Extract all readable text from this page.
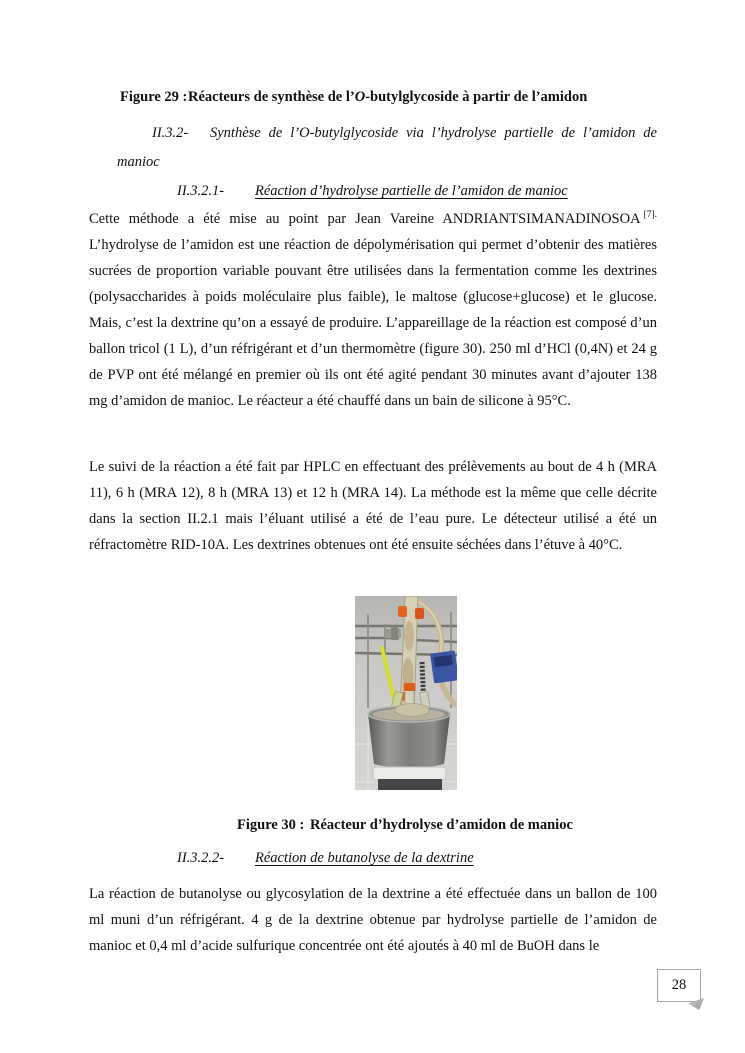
Figure 29 : Réacteurs de synthèse de l’O-butylglycoside à partir de l’amidon
II.3.2-	Synthèse de l’O-butylglycoside via l’hydrolyse partielle de l’amidon de
manioc
II.3.2.1-	Réaction d’hydrolyse partielle de l’amidon de manioc

Cette méthode a été mise au point par Jean Vareine ANDRIANTSIMANADINOSOA $^{[7].}$ L’hydrolyse de l’amidon est une réaction de dépolymérisation qui permet d’obtenir des matières sucrées de proportion variable pouvant être utilisées dans la fermentation comme les dextrines (polysaccharides à poids moléculaire plus faible), le maltose (glucose+glucose) et le glucose. Mais, c’est la dextrine qu’on a essayé de produire. L’appareillage de la réaction est composé d’un ballon tricol (1 L), d’un réfrigérant et d’un thermomètre (figure 30). 250 ml d’HCl (0,4N) et 24 g de PVP ont été mélangé en premier où ils ont été agité pendant 30 minutes avant d’ajouter 138 mg d’amidon de manioc. Le réacteur a été chauffé dans un bain de silicone à 95°C.

Le suivi de la réaction a été fait par HPLC en effectuant des prélèvements au bout de 4 h (MRA 11), 6 h (MRA 12), 8 h (MRA 13) et 12 h (MRA 14). La méthode est la même que celle décrite dans la section II.2.1 mais l’éluant utilisé a été de l’eau pure. Le détecteur utilisé a été un réfractomètre RID-10A. Les dextrines obtenues ont été ensuite séchées dans l’étuve à 40°C.

Figure 30 : Réacteur d’hydrolyse d’amidon de manioc
II.3.2.2-	Réaction de butanolyse de la dextrine

La réaction de butanolyse ou glycosylation de la dextrine a été effectuée dans un ballon de 100 ml muni d’un réfrigérant. 4 g de la dextrine obtenue par hydrolyse partielle de l’amidon de manioc et 0,4 ml d’acide sulfurique concentrée ont été ajoutés à 40 ml de BuOH dans le

28
